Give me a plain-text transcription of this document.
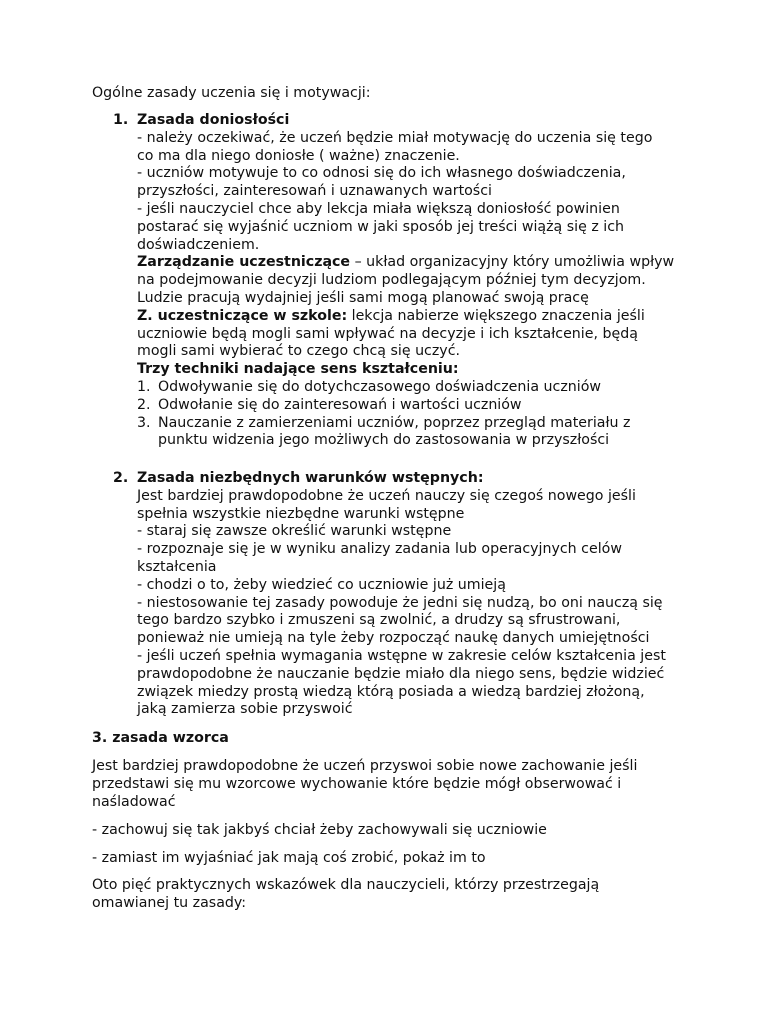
Ogólne zasady uczenia się i motywacji:

1. Zasada doniosłości
- należy oczekiwać, że uczeń będzie miał motywację do uczenia się tego
co ma dla niego doniosłe ( ważne) znaczenie.
- uczniów motywuje to co odnosi się do ich własnego doświadczenia,
przyszłości, zainteresowań i uznawanych wartości
- jeśli nauczyciel chce aby lekcja miała większą doniosłość powinien
postarać się wyjaśnić uczniom w jaki sposób jej treści wiążą się z ich
doświadczeniem.
Zarządzanie uczestniczące – układ organizacyjny który umożliwia wpływ
na podejmowanie decyzji ludziom podlegającym później tym decyzjom.
Ludzie pracują wydajniej jeśli sami mogą planować swoją pracę
Z. uczestniczące w szkole: lekcja nabierze większego znaczenia jeśli
uczniowie będą mogli sami wpływać na decyzje i ich kształcenie, będą
mogli sami wybierać to czego chcą się uczyć.
Trzy techniki nadające sens kształceniu:
1. Odwoływanie się do dotychczasowego doświadczenia uczniów
2. Odwołanie się do zainteresowań i wartości uczniów
3. Nauczanie z zamierzeniami uczniów, poprzez przegląd materiału z
punktu widzenia jego możliwych do zastosowania w przyszłości
2. Zasada niezbędnych warunków wstępnych:
Jest bardziej prawdopodobne że uczeń nauczy się czegoś nowego jeśli
spełnia wszystkie niezbędne warunki wstępne
- staraj się zawsze określić warunki wstępne
- rozpoznaje się je w wyniku analizy zadania lub operacyjnych celów
kształcenia
- chodzi o to, żeby wiedzieć co uczniowie już umieją
- niestosowanie tej zasady powoduje że jedni się nudzą, bo oni nauczą się
tego bardzo szybko i zmuszeni są zwolnić, a drudzy są sfrustrowani,
ponieważ nie umieją na tyle żeby rozpocząć naukę danych umiejętności
- jeśli uczeń spełnia wymagania wstępne w zakresie celów kształcenia jest
prawdopodobne że nauczanie będzie miało dla niego sens, będzie widzieć
związek miedzy prostą wiedzą którą posiada a wiedzą bardziej złożoną,
jaką zamierza sobie przyswoić
3. zasada wzorca
Jest bardziej prawdopodobne że uczeń przyswoi sobie nowe zachowanie jeśli
przedstawi się mu wzorcowe wychowanie które będzie mógł obserwować i
naśladować
- zachowuj się tak jakbyś chciał żeby zachowywali się uczniowie
- zamiast im wyjaśniać jak mają coś zrobić, pokaż im to
Oto pięć praktycznych wskazówek dla nauczycieli, którzy przestrzegają
omawianej tu zasady:
